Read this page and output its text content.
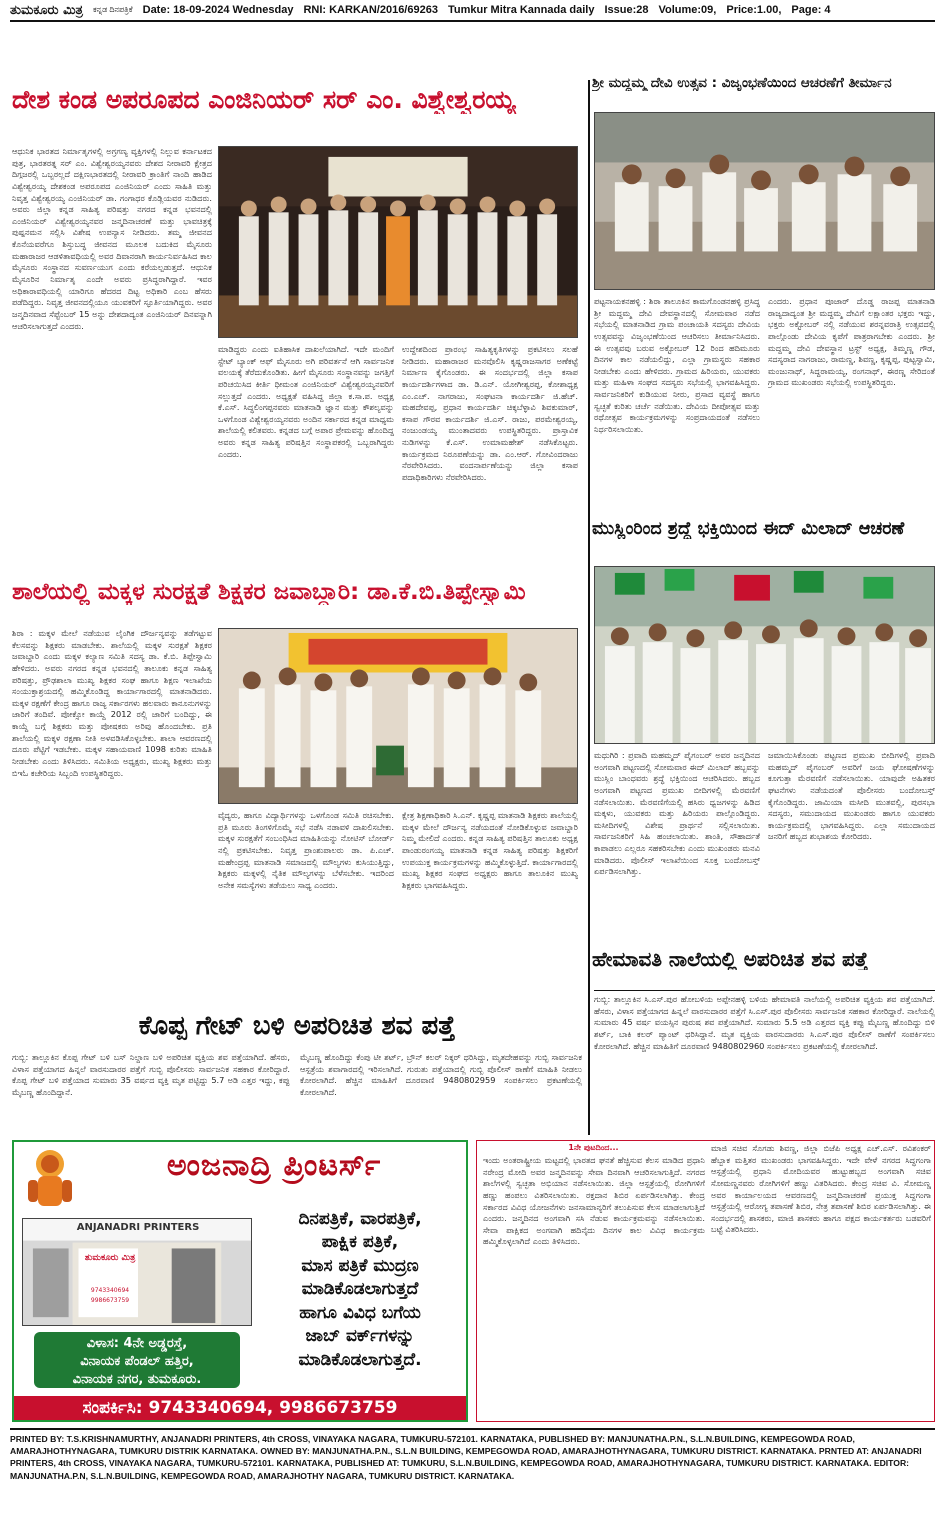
ತುಮಕೂರು ಮಿತ್ರ ಕನ್ನಡ ದಿನಪತ್ರಿಕೆ Date: 18-09-2024 Wednesday RNI: KARKAN/2016/69263 Tumkur Mitra Kannada daily Issue:28 Volume:09, Price:1.00, Page: 4
ದೇಶ ಕಂಡ ಅಪರೂಪದ ಎಂಜಿನಿಯರ್ ಸರ್ ಎಂ. ವಿಶ್ವೇಶ್ವರಯ್ಯ
ಆಧುನಿಕ ಭಾರತದ ನಿರ್ಮಾತೃಗಳಲ್ಲಿ ಅಗ್ರಗಣ್ಯ ವ್ಯಕ್ತಿಗಳಲ್ಲಿ ನಿಲ್ಲುವ ಕರ್ನಾಟಕದ ಪುತ್ರ, ಭಾರತರತ್ನ ಸರ್ ಎಂ. ವಿಶ್ವೇಶ್ವರಯ್ಯನವರು ದೇಶದ ನೀರಾವರಿ ಕ್ಷೇತ್ರದ ದಿಗ್ಗಜರಲ್ಲಿ ಒಬ್ಬರಲ್ಲದೆ ದಕ್ಷಿಣಭಾರತದಲ್ಲಿ ನೀರಾವರಿ ಕ್ರಾಂತಿಗೆ ನಾಂದಿ ಹಾಡಿದ ವಿಶ್ವೇಶ್ವರಯ್ಯ ದೇಶಕಂಡ ಅಪರೂಪದ ಎಂಜಿನಿಯರ್ ಎಂದು ಸಾಹಿತಿ ಮತ್ತು ನಿವೃತ್ತ ವಿಶ್ವೇಶ್ವರಯ್ಯ ಎಂಜಿನಿಯರ್ ಡಾ. ಗಂಗಾಧರ ಕೊಡ್ಲಿಯವರ ನುಡಿದರು. ಅವರು ಜಿಲ್ಲಾ ಕನ್ನಡ ಸಾಹಿತ್ಯ ಪರಿಷತ್ತು ನಗರದ ಕನ್ನಡ ಭವನದಲ್ಲಿ ಎಂಜಿನಿಯರ್ ವಿಶ್ವೇಶ್ವರಯ್ಯನವರ ಜನ್ಮದಿನಾಚರಣೆ ಮತ್ತು ಭಾವಚಿತ್ರಕ್ಕೆ ಪುಷ್ಪನಮನ ಸಲ್ಲಿಸಿ ವಿಶೇಷ ಉಪನ್ಯಾಸ ನೀಡಿದರು. ತಮ್ಮ ಜೀವನದ ಕೊನೆಯವರೆಗೂ ಶಿಸ್ತುಬದ್ಧ ಜೀವನದ ಮೂಲಕ ಬದುಕಿದ ಮೈಸೂರು ಮಹಾರಾಜರ ಆಡಳಿತಾವಧಿಯಲ್ಲಿ ಅವರ ದಿವಾನರಾಗಿ ಕಾರ್ಯನಿರ್ವಹಿಸಿದ ಕಾಲ ಮೈಸೂರು ಸಂಸ್ಥಾನದ ಸುವರ್ಣಯುಗ ಎಂದು ಕರೆಯಲ್ಪಡುತ್ತದೆ. ಆಧುನಿಕ ಮೈಸೂರಿನ ನಿರ್ಮಾತೃ ಎಂದೇ ಅವರು ಪ್ರಸಿದ್ಧರಾಗಿದ್ದಾರೆ. ಇವರ ಅಧಿಕಾರಾವಧಿಯಲ್ಲಿ ಯಾರಿಗೂ ಹೆದರದ ದಿಟ್ಟ ಅಧಿಕಾರಿ ಎಂಬ ಹೆಸರು ಪಡೆದಿದ್ದರು. ನಿವೃತ್ತ ಜೀವನದಲ್ಲಿಯೂ ಯುವಕರಿಗೆ ಸ್ಫೂರ್ತಿಯಾಗಿದ್ದರು. ಅವರ ಜನ್ಮದಿನವಾದ ಸೆಪ್ಟೆಂಬರ್ 15 ಅನ್ನು ದೇಶದಾದ್ಯಂತ ಎಂಜಿನಿಯರ್ ದಿನವನ್ನಾಗಿ ಆಚರಿಸಲಾಗುತ್ತದೆ ಎಂದರು.
ಮಾಡಿದ್ದರು ಎಂದು ಐತಿಹಾಸಿಕ ದಾಖಲೆಯಾಗಿದೆ. ಇದೇ ಮಂದಿಗೆ ಸ್ಟೇಟ್ ಬ್ಯಾಂಕ್ ಆಫ್ ಮೈಸೂರು ಅಗಿ ಪರಿವರ್ತನೆ ಆಗಿ ಸಾರ್ವಜನಿಕ ವಲಯಕ್ಕೆ ತೆರೆದುಕೊಂಡಿತು. ಹೀಗೆ ಮೈಸೂರು ಸಂಸ್ಥಾನವನ್ನು ಜಗತ್ತಿಗೆ ಪರಿಚಯಿಸಿದ ಕೀರ್ತಿ ಧೀಮಂತ ಎಂಜಿನಿಯರ್ ವಿಶ್ವೇಶ್ವರಯ್ಯನವರಿಗೆ ಸಲ್ಲುತ್ತದೆ ಎಂದರು. ಅಧ್ಯಕ್ಷತೆ ವಹಿಸಿದ್ದ ಜಿಲ್ಲಾ ಕ.ಸಾ.ಪ. ಅಧ್ಯಕ್ಷ ಕೆ.ಎಸ್. ಸಿದ್ಧಲಿಂಗಪ್ಪನವರು ಮಾತನಾಡಿ ಜ್ಞಾನ ಮತ್ತು ಕೌಶಲ್ಯವನ್ನು ಒಳಗೊಂಡ ವಿಶ್ವೇಶ್ವರಯ್ಯನವರು ಅಂದಿನ ಸರ್ಕಾರದ ಕನ್ನಡ ಮಾಧ್ಯಮ ಶಾಲೆಯಲ್ಲಿ ಕಲಿತವರು. ಕನ್ನಡದ ಬಗ್ಗೆ ಅಪಾರ ಪ್ರೇಮವನ್ನು ಹೊಂದಿದ್ದ ಅವರು ಕನ್ನಡ ಸಾಹಿತ್ಯ ಪರಿಷತ್ತಿನ ಸಂಸ್ಥಾಪಕರಲ್ಲಿ ಒಬ್ಬರಾಗಿದ್ದರು ಎಂದರು.
ಉದ್ದೇಶದಿಂದ ಪ್ರಾರಂಭ ಸಾಹಿತ್ಯಕೃತಿಗಳನ್ನು ಪ್ರಕಟಿಸಲು ಸಲಹೆ ನೀಡಿದರು. ಮಹಾರಾಜರ ಮನವೊಲಿಸಿ ಕೃಷ್ಣರಾಜಸಾಗರ ಅಣೆಕಟ್ಟೆ ನಿರ್ಮಾಣ ಕೈಗೊಂಡರು. ಈ ಸಂದರ್ಭದಲ್ಲಿ ಜಿಲ್ಲಾ ಕಸಾಪ ಕಾರ್ಯದರ್ಶಿಗಳಾದ ಡಾ. ಡಿ.ಎನ್. ಯೋಗೀಶ್ವರಪ್ಪ, ಕೋಶಾಧ್ಯಕ್ಷ ಎಂ.ಎಚ್. ನಾಗರಾಜು, ಸಂಘಟನಾ ಕಾರ್ಯದರ್ಶಿ ಜಿ.ಹೆಚ್. ಮಹದೇವಪ್ಪ, ಪ್ರಧಾನ ಕಾರ್ಯದರ್ಶಿ ಚಿಕ್ಕಬೆಳ್ಳಾವಿ ಶಿವಕುಮಾರ್, ಕಸಾಪ ಗೌರವ ಕಾರ್ಯದರ್ಶಿ ಜಿ.ಎಸ್. ರಾಜು, ಪರಮೇಶ್ವರಯ್ಯ, ನಂಜುಂಡಯ್ಯ ಮುಂತಾದವರು ಉಪಸ್ಥಿತರಿದ್ದರು. ಪ್ರಾಸ್ತಾವಿಕ ನುಡಿಗಳನ್ನು ಕೆ.ಎಸ್. ಉಮಾಮಹೇಶ್ ನಡೆಸಿಕೊಟ್ಟರು. ಕಾರ್ಯಕ್ರಮದ ನಿರೂಪಣೆಯನ್ನು ಡಾ. ಎಂ.ಆರ್. ಗೋವಿಂದರಾಜು ನೆರವೇರಿಸಿದರು. ವಂದನಾರ್ಪಣೆಯನ್ನು ಜಿಲ್ಲಾ ಕಸಾಪ ಪದಾಧಿಕಾರಿಗಳು ನೆರವೇರಿಸಿದರು.
ಶ್ರೀ ಮದ್ದಮ್ಮ ದೇವಿ ಉತ್ಸವ : ವಿಜೃಂಭಣೆಯಿಂದ ಆಚರಣೆಗೆ ತೀರ್ಮಾನ
ಪಟ್ಟನಾಯಕನಹಳ್ಳಿ : ಶಿರಾ ತಾಲೂಕಿನ ಕಾಮಗೊಂಡನಹಳ್ಳಿ ಪ್ರಸಿದ್ಧ ಶ್ರೀ ಮದ್ದಮ್ಮ ದೇವಿ ದೇವಸ್ಥಾನದಲ್ಲಿ ಸೋಮವಾರ ನಡೆದ ಸಭೆಯಲ್ಲಿ ಮಾತನಾಡಿದ ಗ್ರಾಮ ಪಂಚಾಯತಿ ಸದಸ್ಯರು ದೇವಿಯ ಉತ್ಸವವನ್ನು ವಿಜೃಂಭಣೆಯಿಂದ ಆಚರಿಸಲು ತೀರ್ಮಾನಿಸಿದರು. ಈ ಉತ್ಸವವು ಬರುವ ಅಕ್ಟೋಬರ್ 12 ರಿಂದ ಹದಿಮೂರು ದಿನಗಳ ಕಾಲ ನಡೆಯಲಿದ್ದು, ಎಲ್ಲಾ ಗ್ರಾಮಸ್ಥರು ಸಹಕಾರ ನೀಡಬೇಕು ಎಂದು ಹೇಳಿದರು. ಗ್ರಾಮದ ಹಿರಿಯರು, ಯುವಕರು ಮತ್ತು ಮಹಿಳಾ ಸಂಘದ ಸದಸ್ಯರು ಸಭೆಯಲ್ಲಿ ಭಾಗವಹಿಸಿದ್ದರು. ಸಾರ್ವಜನಿಕರಿಗೆ ಕುಡಿಯುವ ನೀರು, ಪ್ರಸಾದ ವ್ಯವಸ್ಥೆ ಹಾಗೂ ಸ್ವಚ್ಛತೆ ಕುರಿತು ಚರ್ಚೆ ನಡೆಯಿತು. ದೇವಿಯ ದೀಪೋತ್ಸವ ಮತ್ತು ರಥೋತ್ಸವ ಕಾರ್ಯಕ್ರಮಗಳನ್ನು ಸಂಪ್ರದಾಯದಂತೆ ನಡೆಸಲು ನಿರ್ಧರಿಸಲಾಯಿತು.
ಎಂದರು. ಪ್ರಧಾನ ಪೂಜಾರ್ ದೊಡ್ಡ ರಾಜಪ್ಪ ಮಾತನಾಡಿ ರಾಜ್ಯದಾದ್ಯಂತ ಶ್ರೀ ಮದ್ದಮ್ಮ ದೇವಿಗೆ ಲಕ್ಷಾಂತರ ಭಕ್ತರು ಇದ್ದು, ಭಕ್ತರು ಅಕ್ಟೋಬರ್ ನಲ್ಲಿ ನಡೆಯುವ ಶರನ್ನವರಾತ್ರಿ ಉತ್ಸವದಲ್ಲಿ ಪಾಲ್ಗೊಂಡು ದೇವಿಯ ಕೃಪೆಗೆ ಪಾತ್ರರಾಗಬೇಕು ಎಂದರು. ಶ್ರೀ ಮದ್ದಮ್ಮ ದೇವಿ ದೇವಸ್ಥಾನ ಟ್ರಸ್ಟ್ ಅಧ್ಯಕ್ಷ, ತಿಮ್ಮಣ್ಣ ಗೌಡ, ಸದಸ್ಯರಾದ ನಾಗರಾಜು, ರಾಮಣ್ಣ, ಶಿವಣ್ಣ, ಕೃಷ್ಣಪ್ಪ, ಪುಟ್ಟಸ್ವಾಮಿ, ಮಂಜುನಾಥ್, ಸಿದ್ದರಾಮಯ್ಯ, ರಂಗನಾಥ್, ಈರಣ್ಣ ಸೇರಿದಂತೆ ಗ್ರಾಮದ ಮುಖಂಡರು ಸಭೆಯಲ್ಲಿ ಉಪಸ್ಥಿತರಿದ್ದರು.
ಮುಸ್ಲಿಂರಿಂದ ಶ್ರದ್ಧೆ ಭಕ್ತಿಯಿಂದ ಈದ್ ಮಿಲಾದ್ ಆಚರಣೆ
ಮಧುಗಿರಿ : ಪ್ರವಾದಿ ಮಹಮ್ಮದ್ ಪೈಗಂಬರ್ ಅವರ ಜನ್ಮದಿನದ ಅಂಗವಾಗಿ ಪಟ್ಟಣದಲ್ಲಿ ಸೋಮವಾರ ಈದ್ ಮಿಲಾದ್ ಹಬ್ಬವನ್ನು ಮುಸ್ಲಿಂ ಬಾಂಧವರು ಶ್ರದ್ಧೆ ಭಕ್ತಿಯಿಂದ ಆಚರಿಸಿದರು. ಹಬ್ಬದ ಅಂಗವಾಗಿ ಪಟ್ಟಣದ ಪ್ರಮುಖ ಬೀದಿಗಳಲ್ಲಿ ಮೆರವಣಿಗೆ ನಡೆಸಲಾಯಿತು. ಮೆರವಣಿಗೆಯಲ್ಲಿ ಹಸಿರು ಧ್ವಜಗಳನ್ನು ಹಿಡಿದ ಮಕ್ಕಳು, ಯುವಕರು ಮತ್ತು ಹಿರಿಯರು ಪಾಲ್ಗೊಂಡಿದ್ದರು. ಮಸೀದಿಗಳಲ್ಲಿ ವಿಶೇಷ ಪ್ರಾರ್ಥನೆ ಸಲ್ಲಿಸಲಾಯಿತು. ಸಾರ್ವಜನಿಕರಿಗೆ ಸಿಹಿ ಹಂಚಲಾಯಿತು. ಶಾಂತಿ, ಸೌಹಾರ್ದತೆ ಕಾಪಾಡಲು ಎಲ್ಲರೂ ಸಹಕರಿಸಬೇಕು ಎಂದು ಮುಖಂಡರು ಮನವಿ ಮಾಡಿದರು. ಪೊಲೀಸ್ ಇಲಾಖೆಯಿಂದ ಸೂಕ್ತ ಬಂದೋಬಸ್ತ್ ಏರ್ಪಡಿಸಲಾಗಿತ್ತು.
ಜಮಾಯಿಸಿಕೊಂಡು ಪಟ್ಟಣದ ಪ್ರಮುಖ ಬೀದಿಗಳಲ್ಲಿ ಪ್ರವಾದಿ ಮಹಮ್ಮದ್ ಪೈಗಂಬರ್ ಅವರಿಗೆ ಜಯ ಘೋಷಣೆಗಳನ್ನು ಕೂಗುತ್ತಾ ಮೆರವಣಿಗೆ ನಡೆಸಲಾಯಿತು. ಯಾವುದೇ ಅಹಿತಕರ ಘಟನೆಗಳು ನಡೆಯದಂತೆ ಪೊಲೀಸರು ಬಂದೋಬಸ್ತ್ ಕೈಗೊಂಡಿದ್ದರು. ಜಾಮಿಯಾ ಮಸೀದಿ ಮುತವಲ್ಲಿ, ಪುರಸಭಾ ಸದಸ್ಯರು, ಸಮುದಾಯದ ಮುಖಂಡರು ಹಾಗೂ ಯುವಕರು ಕಾರ್ಯಕ್ರಮದಲ್ಲಿ ಭಾಗವಹಿಸಿದ್ದರು. ಎಲ್ಲಾ ಸಮುದಾಯದ ಜನರಿಗೆ ಹಬ್ಬದ ಶುಭಾಶಯ ಕೋರಿದರು.
ಶಾಲೆಯಲ್ಲಿ ಮಕ್ಕಳ ಸುರಕ್ಷತೆ ಶಿಕ್ಷಕರ ಜವಾಬ್ದಾರಿ: ಡಾ.ಕೆ.ಬಿ.ತಿಪ್ಪೇಸ್ವಾಮಿ
ಶಿರಾ : ಮಕ್ಕಳ ಮೇಲೆ ನಡೆಯುವ ಲೈಂಗಿಕ ದೌರ್ಜನ್ಯವನ್ನು ತಡೆಗಟ್ಟುವ ಕೆಲಸವನ್ನು ಶಿಕ್ಷಕರು ಮಾಡಬೇಕು. ಶಾಲೆಯಲ್ಲಿ ಮಕ್ಕಳ ಸುರಕ್ಷತೆ ಶಿಕ್ಷಕರ ಜವಾಬ್ದಾರಿ ಎಂದು ಮಕ್ಕಳ ಕಲ್ಯಾಣ ಸಮಿತಿ ಸದಸ್ಯ ಡಾ. ಕೆ.ಬಿ. ತಿಪ್ಪೇಸ್ವಾಮಿ ಹೇಳಿದರು. ಅವರು ನಗರದ ಕನ್ನಡ ಭವನದಲ್ಲಿ ತಾಲೂಕು ಕನ್ನಡ ಸಾಹಿತ್ಯ ಪರಿಷತ್ತು, ಪ್ರೌಢಶಾಲಾ ಮುಖ್ಯ ಶಿಕ್ಷಕರ ಸಂಘ ಹಾಗೂ ಶಿಕ್ಷಣ ಇಲಾಖೆಯ ಸಂಯುಕ್ತಾಶ್ರಯದಲ್ಲಿ ಹಮ್ಮಿಕೊಂಡಿದ್ದ ಕಾರ್ಯಾಗಾರದಲ್ಲಿ ಮಾತನಾಡಿದರು. ಮಕ್ಕಳ ರಕ್ಷಣೆಗೆ ಕೇಂದ್ರ ಹಾಗೂ ರಾಜ್ಯ ಸರ್ಕಾರಗಳು ಹಲವಾರು ಕಾನೂನುಗಳನ್ನು ಜಾರಿಗೆ ತಂದಿವೆ. ಪೋಕ್ಸೋ ಕಾಯ್ದೆ 2012 ರಲ್ಲಿ ಜಾರಿಗೆ ಬಂದಿದ್ದು, ಈ ಕಾಯ್ದೆ ಬಗ್ಗೆ ಶಿಕ್ಷಕರು ಮತ್ತು ಪೋಷಕರು ಅರಿವು ಹೊಂದಬೇಕು. ಪ್ರತಿ ಶಾಲೆಯಲ್ಲಿ ಮಕ್ಕಳ ರಕ್ಷಣಾ ನೀತಿ ಅಳವಡಿಸಿಕೊಳ್ಳಬೇಕು. ಶಾಲಾ ಆವರಣದಲ್ಲಿ ದೂರು ಪೆಟ್ಟಿಗೆ ಇಡಬೇಕು. ಮಕ್ಕಳ ಸಹಾಯವಾಣಿ 1098 ಕುರಿತು ಮಾಹಿತಿ ನೀಡಬೇಕು ಎಂದು ತಿಳಿಸಿದರು. ಸಮಿತಿಯ ಅಧ್ಯಕ್ಷರು, ಮುಖ್ಯ ಶಿಕ್ಷಕರು ಮತ್ತು ಬಿಇಓ ಕಚೇರಿಯ ಸಿಬ್ಬಂದಿ ಉಪಸ್ಥಿತರಿದ್ದರು.
ವೈದ್ಯರು, ಹಾಗೂ ವಿದ್ಯಾರ್ಥಿಗಳನ್ನು ಒಳಗೊಂಡ ಸಮಿತಿ ರಚಿಸಬೇಕು. ಪ್ರತಿ ಮೂರು ತಿಂಗಳಿಗೊಮ್ಮೆ ಸಭೆ ನಡೆಸಿ ನಡಾವಳಿ ದಾಖಲಿಸಬೇಕು. ಮಕ್ಕಳ ಸುರಕ್ಷತೆಗೆ ಸಂಬಂಧಿಸಿದ ಮಾಹಿತಿಯನ್ನು ನೋಟಿಸ್ ಬೋರ್ಡ್ ನಲ್ಲಿ ಪ್ರಕಟಿಸಬೇಕು. ನಿವೃತ್ತ ಪ್ರಾಂಶುಪಾಲರು ಡಾ. ಪಿ.ಎಚ್. ಮಹೇಂದ್ರಪ್ಪ ಮಾತನಾಡಿ ಸಮಾಜದಲ್ಲಿ ಮೌಲ್ಯಗಳು ಕುಸಿಯುತ್ತಿದ್ದು, ಶಿಕ್ಷಕರು ಮಕ್ಕಳಲ್ಲಿ ನೈತಿಕ ಮೌಲ್ಯಗಳನ್ನು ಬೆಳೆಸಬೇಕು. ಇದರಿಂದ ಅನೇಕ ಸಮಸ್ಯೆಗಳು ತಡೆಯಲು ಸಾಧ್ಯ ಎಂದರು.
ಕ್ಷೇತ್ರ ಶಿಕ್ಷಣಾಧಿಕಾರಿ ಸಿ.ಎನ್. ಕೃಷ್ಣಪ್ಪ ಮಾತನಾಡಿ ಶಿಕ್ಷಕರು ಶಾಲೆಯಲ್ಲಿ ಮಕ್ಕಳ ಮೇಲೆ ದೌರ್ಜನ್ಯ ನಡೆಯದಂತೆ ನೋಡಿಕೊಳ್ಳುವ ಜವಾಬ್ದಾರಿ ನಿಮ್ಮ ಮೇಲಿದೆ ಎಂದರು. ಕನ್ನಡ ಸಾಹಿತ್ಯ ಪರಿಷತ್ತಿನ ತಾಲೂಕು ಅಧ್ಯಕ್ಷ ಪಾಂಡುರಂಗಯ್ಯ ಮಾತನಾಡಿ ಕನ್ನಡ ಸಾಹಿತ್ಯ ಪರಿಷತ್ತು ಶಿಕ್ಷಕರಿಗೆ ಉಪಯುಕ್ತ ಕಾರ್ಯಕ್ರಮಗಳನ್ನು ಹಮ್ಮಿಕೊಳ್ಳುತ್ತಿದೆ. ಕಾರ್ಯಾಗಾರದಲ್ಲಿ ಮುಖ್ಯ ಶಿಕ್ಷಕರ ಸಂಘದ ಅಧ್ಯಕ್ಷರು ಹಾಗೂ ತಾಲೂಕಿನ ಮುಖ್ಯ ಶಿಕ್ಷಕರು ಭಾಗವಹಿಸಿದ್ದರು.
ಹೇಮಾವತಿ ನಾಲೆಯಲ್ಲಿ ಅಪರಿಚಿತ ಶವ ಪತ್ತೆ
ಗುಬ್ಬಿ: ತಾಲ್ಲೂಕಿನ ಸಿ.ಎಸ್.ಪುರ ಹೋಬಳಿಯ ಅಪ್ಪೇನಹಳ್ಳಿ ಬಳಿಯ ಹೇಮಾವತಿ ನಾಲೆಯಲ್ಲಿ ಅಪರಿಚಿತ ವ್ಯಕ್ತಿಯ ಶವ ಪತ್ತೆಯಾಗಿದೆ. ಹೆಸರು, ವಿಳಾಸ ಪತ್ತೆಯಾಗದ ಹಿನ್ನಲೆ ವಾರಸುದಾರರ ಪತ್ತೆಗೆ ಸಿ.ಎಸ್.ಪುರ ಪೊಲೀಸರು ಸಾರ್ವಜನಿಕ ಸಹಕಾರ ಕೋರಿದ್ದಾರೆ. ನಾಲೆಯಲ್ಲಿ ಸುಮಾರು 45 ವರ್ಷ ವಯಸ್ಸಿನ ಪುರುಷ ಶವ ಪತ್ತೆಯಾಗಿದೆ. ಸುಮಾರು 5.5 ಅಡಿ ಎತ್ತರದ ವ್ಯಕ್ತಿ ಕಪ್ಪು ಮೈಬಣ್ಣ ಹೊಂದಿದ್ದು ಬಿಳಿ ಶರ್ಟ್, ಬಾಕಿ ಕಲರ್ ಪ್ಯಾಂಟ್ ಧರಿಸಿದ್ದಾನೆ. ಮೃತ ವ್ಯಕ್ತಿಯ ವಾರಸುದಾರರು ಸಿ.ಎಸ್.ಪುರ ಪೊಲೀಸ್ ಠಾಣೆಗೆ ಸಂಪರ್ಕಿಸಲು ಕೋರಲಾಗಿದೆ. ಹೆಚ್ಚಿನ ಮಾಹಿತಿಗೆ ದೂರವಾಣಿ 9480802960 ಸಂಪರ್ಕಿಸಲು ಪ್ರಕಟಣೆಯಲ್ಲಿ ಕೋರಲಾಗಿದೆ.
ಕೊಪ್ಪ ಗೇಟ್ ಬಳಿ ಅಪರಿಚಿತ ಶವ ಪತ್ತೆ
ಗುಬ್ಬಿ: ತಾಲ್ಲೂಕಿನ ಕೊಪ್ಪ ಗೇಟ್ ಬಳಿ ಬಸ್ ನಿಲ್ದಾಣ ಬಳಿ ಅಪರಿಚಿತ ವ್ಯಕ್ತಿಯ ಶವ ಪತ್ತೆಯಾಗಿದೆ. ಹೆಸರು, ವಿಳಾಸ ಪತ್ತೆಯಾಗದ ಹಿನ್ನಲೆ ವಾರಸುದಾರರ ಪತ್ತೆಗೆ ಗುಬ್ಬಿ ಪೊಲೀಸರು ಸಾರ್ವಜನಿಕ ಸಹಕಾರ ಕೋರಿದ್ದಾರೆ. ಕೊಪ್ಪ ಗೇಟ್ ಬಳಿ ಪತ್ತೆಯಾದ ಸುಮಾರು 35 ವರ್ಷದ ವ್ಯಕ್ತಿ ಮೃತ ಪಟ್ಟಿದ್ದು 5.7 ಅಡಿ ಎತ್ತರ ಇದ್ದು, ಕಪ್ಪು ಮೈಬಣ್ಣ ಹೊಂದಿದ್ದಾನೆ.
ಮೈಬಣ್ಣ ಹೊಂದಿದ್ದು ಕೆಂಪು ಟೀ ಶರ್ಟ್, ಬ್ರೌನ್ ಕಲರ್ ನಿಕ್ಕರ್ ಧರಿಸಿದ್ದು, ಮೃತದೇಹವನ್ನು ಗುಬ್ಬಿ ಸಾರ್ವಜನಿಕ ಆಸ್ಪತ್ರೆಯ ಶವಾಗಾರದಲ್ಲಿ ಇರಿಸಲಾಗಿದೆ. ಗುರುತು ಪತ್ತೆಯಾದಲ್ಲಿ ಗುಬ್ಬಿ ಪೊಲೀಸ್ ಠಾಣೆಗೆ ಮಾಹಿತಿ ನೀಡಲು ಕೋರಲಾಗಿದೆ. ಹೆಚ್ಚಿನ ಮಾಹಿತಿಗೆ ದೂರವಾಣಿ 9480802959 ಸಂಪರ್ಕಿಸಲು ಪ್ರಕಟಣೆಯಲ್ಲಿ ಕೋರಲಾಗಿದೆ.
ಅಂಜನಾದ್ರಿ ಪ್ರಿಂಟರ್ಸ್
ANJANADRI PRINTERS
ತುಮಕೂರು ಮಿತ್ರ
9743340694
9986673759
ದಿನಪತ್ರಿಕೆ, ವಾರಪತ್ರಿಕೆ,
ಪಾಕ್ಷಿಕ ಪತ್ರಿಕೆ,
ಮಾಸ ಪತ್ರಿಕೆ ಮುದ್ರಣ
ಮಾಡಿಕೊಡಲಾಗುತ್ತದೆ
ಹಾಗೂ ವಿವಿಧ ಬಗೆಯ
ಜಾಬ್ ವರ್ಕ್‌ಗಳನ್ನು
ಮಾಡಿಕೊಡಲಾಗುತ್ತದೆ.
ವಿಳಾಸ: 4ನೇ ಅಡ್ಡರಸ್ತೆ,
ವಿನಾಯಕ ಪೆಂಡಲ್ ಹತ್ತಿರ,
ವಿನಾಯಕ ನಗರ, ತುಮಕೂರು.
ಸಂಪರ್ಕಿಸಿ: 9743340694, 9986673759
1ನೇ ಪುಟದಿಂದ...
ಇಂದು ಅಂತರಾಷ್ಟ್ರೀಯ ಮಟ್ಟದಲ್ಲಿ ಭಾರತದ ಘನತೆ ಹೆಚ್ಚಿಸುವ ಕೆಲಸ ಮಾಡಿದ ಪ್ರಧಾನಿ ನರೇಂದ್ರ ಮೋದಿ ಅವರ ಜನ್ಮದಿನವನ್ನು ಸೇವಾ ದಿನವಾಗಿ ಆಚರಿಸಲಾಗುತ್ತಿದೆ. ನಗರದ ಶಾಲೆಗಳಲ್ಲಿ ಸ್ವಚ್ಛತಾ ಅಭಿಯಾನ ನಡೆಸಲಾಯಿತು. ಜಿಲ್ಲಾ ಆಸ್ಪತ್ರೆಯಲ್ಲಿ ರೋಗಿಗಳಿಗೆ ಹಣ್ಣು ಹಂಪಲು ವಿತರಿಸಲಾಯಿತು. ರಕ್ತದಾನ ಶಿಬಿರ ಏರ್ಪಡಿಸಲಾಗಿತ್ತು. ಕೇಂದ್ರ ಸರ್ಕಾರದ ವಿವಿಧ ಯೋಜನೆಗಳು ಜನಸಾಮಾನ್ಯರಿಗೆ ತಲುಪಿಸುವ ಕೆಲಸ ಮಾಡಲಾಗುತ್ತಿದೆ ಎಂದರು. ಜನ್ಮದಿನದ ಅಂಗವಾಗಿ ಸಸಿ ನೆಡುವ ಕಾರ್ಯಕ್ರಮವನ್ನು ನಡೆಸಲಾಯಿತು. ಸೇವಾ ಪಾಕ್ಷಿಕದ ಅಂಗವಾಗಿ ಹದಿನೈದು ದಿನಗಳ ಕಾಲ ವಿವಿಧ ಕಾರ್ಯಕ್ರಮ ಹಮ್ಮಿಕೊಳ್ಳಲಾಗಿದೆ ಎಂದು ತಿಳಿಸಿದರು.
ಮಾಜಿ ಸಚಿವ ಸೊಗಡು ಶಿವಣ್ಣ, ಜಿಲ್ಲಾ ಬಿಜೆಪಿ ಅಧ್ಯಕ್ಷ ಎಚ್.ಎಸ್. ರವಿಶಂಕರ್ ಹೆಬ್ಬಾಕ ಮತ್ತಿತರ ಮುಖಂಡರು ಭಾಗವಹಿಸಿದ್ದರು. ಇದೇ ವೇಳೆ ನಗರದ ಸಿದ್ಧಗಂಗಾ ಆಸ್ಪತ್ರೆಯಲ್ಲಿ ಪ್ರಧಾನಿ ಮೋದಿಯವರ ಹುಟ್ಟುಹಬ್ಬದ ಅಂಗವಾಗಿ ಸಚಿವ ಸೋಮಣ್ಣನವರು ರೋಗಿಗಳಿಗೆ ಹಣ್ಣು ವಿತರಿಸಿದರು. ಕೇಂದ್ರ ಸಚಿವ ವಿ. ಸೋಮಣ್ಣ ಅವರ ಕಾರ್ಯಾಲಯದ ಆವರಣದಲ್ಲಿ ಜನ್ಮದಿನಾಚರಣೆ ಪ್ರಯುಕ್ತ ಸಿದ್ದಗಂಗಾ ಆಸ್ಪತ್ರೆಯಲ್ಲಿ ಆರೋಗ್ಯ ತಪಾಸಣೆ ಶಿಬಿರ, ನೇತ್ರ ತಪಾಸಣೆ ಶಿಬಿರ ಏರ್ಪಡಿಸಲಾಗಿತ್ತು. ಈ ಸಂದರ್ಭದಲ್ಲಿ ಶಾಸಕರು, ಮಾಜಿ ಶಾಸಕರು ಹಾಗೂ ಪಕ್ಷದ ಕಾರ್ಯಕರ್ತರು ಬಡವರಿಗೆ ಬಟ್ಟೆ ವಿತರಿಸಿದರು.
PRINTED BY: T.S.KRISHNAMURTHY, ANJANADRI PRINTERS, 4th CROSS, VINAYAKA NAGARA, TUMKURU-572101. KARNATAKA, PUBLISHED BY: MANJUNATHA.P.N., S.L.N.BUILDING, KEMPEGOWDA ROAD, AMARAJHOTHYNAGARA, TUMKURU DISTRIK KARNATAKA. OWNED BY: MANJUNATHA.P.N., S.L.N BUILDING, KEMPEGOWDA ROAD, AMARAJHOTHYNAGARA, TUMKURU DISTRICT. KARNATAKA. PRNTED AT: ANJANADRI PRINTERS, 4th CROSS, VINAYAKA NAGARA, TUMKURU-572101. KARNATAKA, PUBLISHED AT: TUMKURU, S.L.N.BUILDING, KEMPEGOWDA ROAD, AMARAJHOTHYNAGARA, TUMKURU DISTRICT. KARNATAKA. EDITOR: MANJUNATHA.P.N, S.L.N.BUILDING, KEMPEGOWDA ROAD, AMARAJHOTHY NAGARA, TUMKURU DISTRICT. KARNATAKA.
